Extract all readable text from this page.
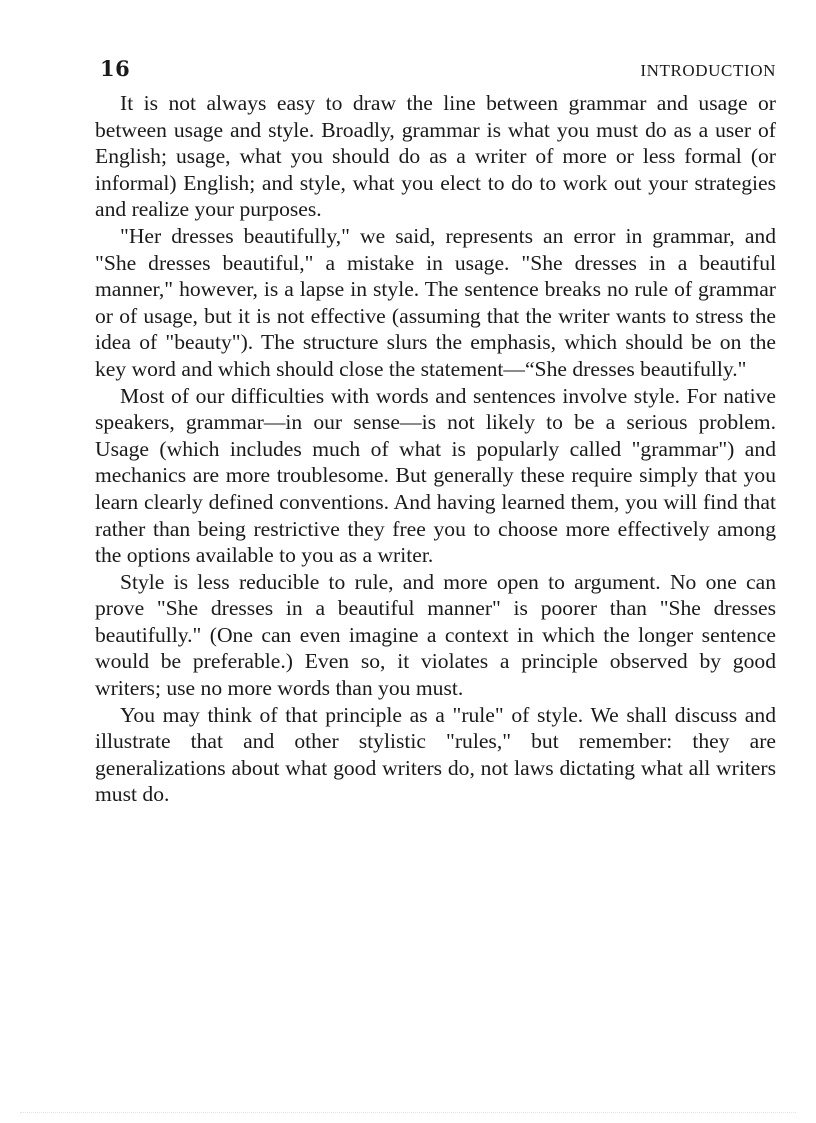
16	INTRODUCTION

It is not always easy to draw the line between grammar and usage or between usage and style. Broadly, grammar is what you must do as a user of English; usage, what you should do as a writer of more or less formal (or informal) English; and style, what you elect to do to work out your strategies and realize your purposes.

"Her dresses beautifully," we said, represents an error in grammar, and "She dresses beautiful," a mistake in usage. "She dresses in a beautiful manner," however, is a lapse in style. The sentence breaks no rule of grammar or of usage, but it is not effective (assuming that the writer wants to stress the idea of "beauty"). The structure slurs the emphasis, which should be on the key word and which should close the statement—“She dresses beautifully."

Most of our difficulties with words and sentences involve style. For native speakers, grammar—in our sense—is not likely to be a serious problem. Usage (which includes much of what is popularly called "grammar") and mechanics are more troublesome. But generally these require simply that you learn clearly defined conventions. And having learned them, you will find that rather than being restrictive they free you to choose more effectively among the options available to you as a writer.

Style is less reducible to rule, and more open to argument. No one can prove "She dresses in a beautiful manner" is poorer than "She dresses beautifully." (One can even imagine a context in which the longer sentence would be preferable.) Even so, it violates a principle observed by good writers; use no more words than you must.

You may think of that principle as a "rule" of style. We shall discuss and illustrate that and other stylistic "rules," but remember: they are generalizations about what good writers do, not laws dictating what all writers must do.
